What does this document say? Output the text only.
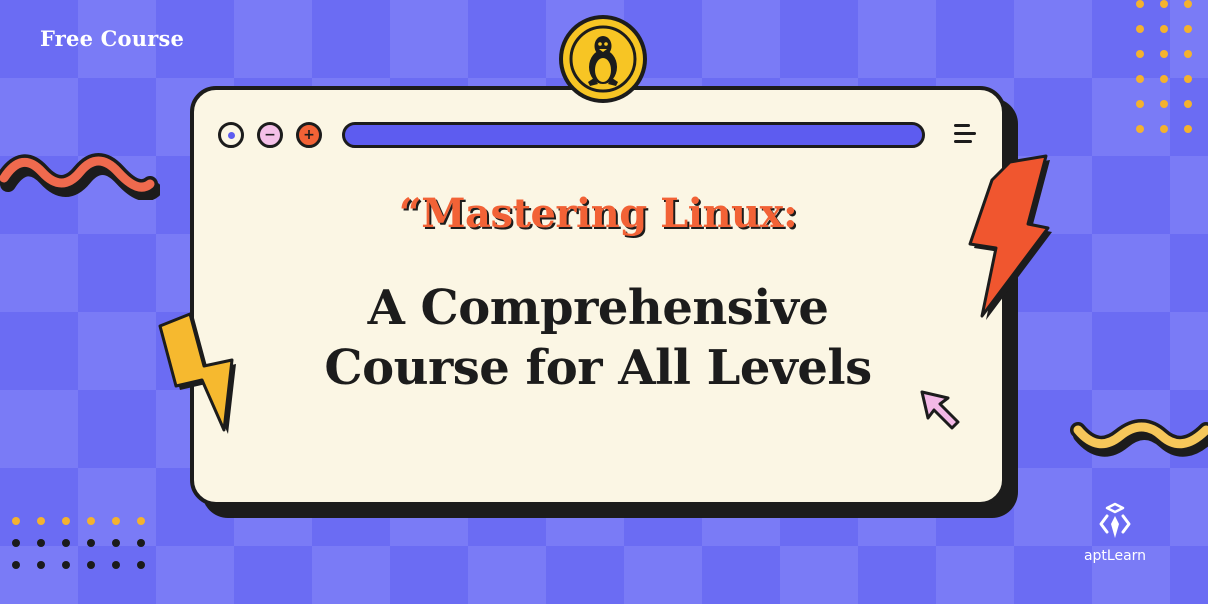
Free Course
− +
“Mastering Linux:
A Comprehensive
Course for All Levels
aptLearn
